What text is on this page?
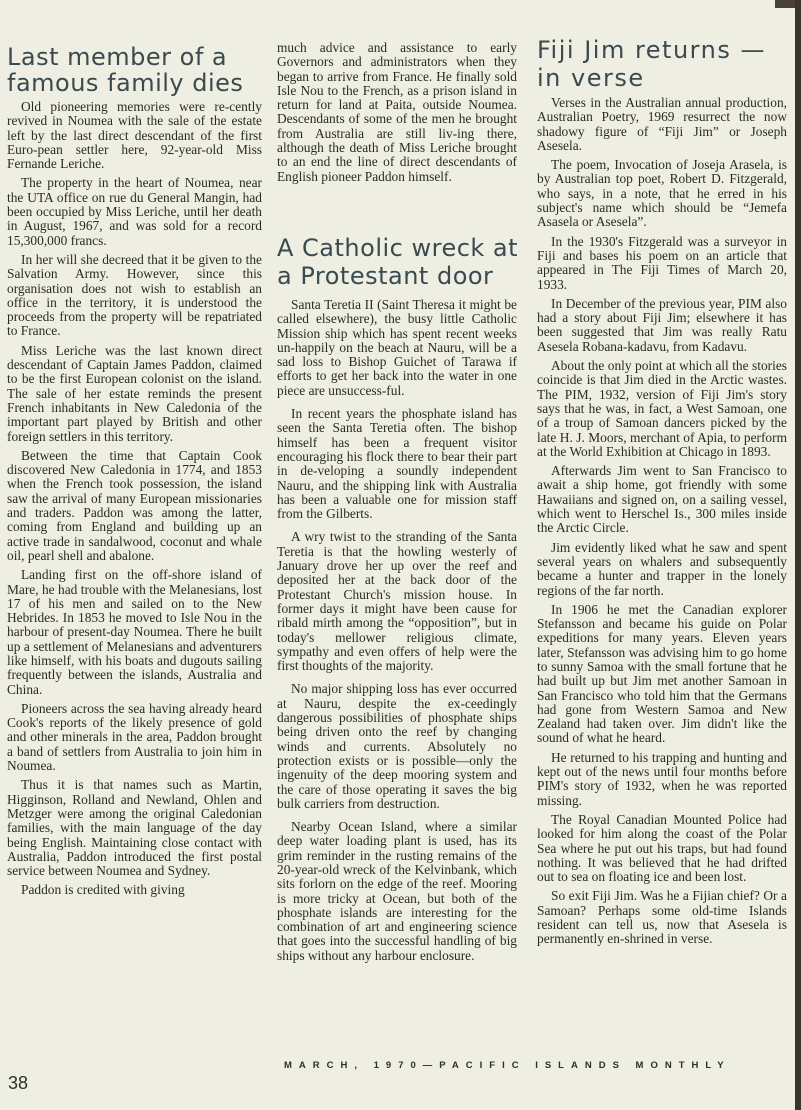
Last member of a famous family dies

Old pioneering memories were re-cently revived in Noumea with the sale of the estate left by the last direct descendant of the first Euro-pean settler here, 92-year-old Miss Fernande Leriche.

The property in the heart of Noumea, near the UTA office on rue du General Mangin, had been occupied by Miss Leriche, until her death in August, 1967, and was sold for a record 15,300,000 francs.

In her will she decreed that it be given to the Salvation Army. However, since this organisation does not wish to establish an office in the territory, it is understood the proceeds from the property will be repatriated to France.

Miss Leriche was the last known direct descendant of Captain James Paddon, claimed to be the first European colonist on the island. The sale of her estate reminds the present French inhabitants in New Caledonia of the important part played by British and other foreign settlers in this territory.

Between the time that Captain Cook discovered New Caledonia in 1774, and 1853 when the French took possession, the island saw the arrival of many European missionaries and traders. Paddon was among the latter, coming from England and building up an active trade in sandalwood, coconut and whale oil, pearl shell and abalone.

Landing first on the off-shore island of Mare, he had trouble with the Melanesians, lost 17 of his men and sailed on to the New Hebrides. In 1853 he moved to Isle Nou in the harbour of present-day Noumea. There he built up a settlement of Melanesians and adventurers like himself, with his boats and dugouts sailing frequently between the islands, Australia and China.

Pioneers across the sea having already heard Cook's reports of the likely presence of gold and other minerals in the area, Paddon brought a band of settlers from Australia to join him in Noumea.

Thus it is that names such as Martin, Higginson, Rolland and Newland, Ohlen and Metzger were among the original Caledonian families, with the main language of the day being English. Maintaining close contact with Australia, Paddon introduced the first postal service between Noumea and Sydney.

Paddon is credited with giving

much advice and assistance to early Governors and administrators when they began to arrive from France. He finally sold Isle Nou to the French, as a prison island in return for land at Paita, outside Noumea. Descendants of some of the men he brought from Australia are still liv-ing there, although the death of Miss Leriche brought to an end the line of direct descendants of English pioneer Paddon himself.

A Catholic wreck at a Protestant door

Santa Teretia II (Saint Theresa it might be called elsewhere), the busy little Catholic Mission ship which has spent recent weeks un-happily on the beach at Nauru, will be a sad loss to Bishop Guichet of Tarawa if efforts to get her back into the water in one piece are unsuccess-ful.

In recent years the phosphate island has seen the Santa Teretia often. The bishop himself has been a frequent visitor encouraging his flock there to bear their part in de-veloping a soundly independent Nauru, and the shipping link with Australia has been a valuable one for mission staff from the Gilberts.

A wry twist to the stranding of the Santa Teretia is that the howling westerly of January drove her up over the reef and deposited her at the back door of the Protestant Church's mission house. In former days it might have been cause for ribald mirth among the “opposition”, but in today's mellower religious climate, sympathy and even offers of help were the first thoughts of the majority.

No major shipping loss has ever occurred at Nauru, despite the ex-ceedingly dangerous possibilities of phosphate ships being driven onto the reef by changing winds and currents. Absolutely no protection exists or is possible—only the ingenuity of the deep mooring system and the care of those operating it saves the big bulk carriers from destruction.

Nearby Ocean Island, where a similar deep water loading plant is used, has its grim reminder in the rusting remains of the 20-year-old wreck of the Kelvinbank, which sits forlorn on the edge of the reef. Mooring is more tricky at Ocean, but both of the phosphate islands are interesting for the combination of art and engineering science that goes into the successful handling of big ships without any harbour enclosure.

Fiji Jim returns — in verse

Verses in the Australian annual production, Australian Poetry, 1969 resurrect the now shadowy figure of “Fiji Jim” or Joseph Asesela.

The poem, Invocation of Joseja Arasela, is by Australian top poet, Robert D. Fitzgerald, who says, in a note, that he erred in his subject's name which should be “Jemefa Asasela or Asesela”.

In the 1930's Fitzgerald was a surveyor in Fiji and bases his poem on an article that appeared in The Fiji Times of March 20, 1933.

In December of the previous year, PIM also had a story about Fiji Jim; elsewhere it has been suggested that Jim was really Ratu Asesela Robana-kadavu, from Kadavu.

About the only point at which all the stories coincide is that Jim died in the Arctic wastes. The PIM, 1932, version of Fiji Jim's story says that he was, in fact, a West Samoan, one of a troup of Samoan dancers picked by the late H. J. Moors, merchant of Apia, to perform at the World Exhibition at Chicago in 1893.

Afterwards Jim went to San Francisco to await a ship home, got friendly with some Hawaiians and signed on, on a sailing vessel, which went to Herschel Is., 300 miles inside the Arctic Circle.

Jim evidently liked what he saw and spent several years on whalers and subsequently became a hunter and trapper in the lonely regions of the far north.

In 1906 he met the Canadian explorer Stefansson and became his guide on Polar expeditions for many years. Eleven years later, Stefansson was advising him to go home to sunny Samoa with the small fortune that he had built up but Jim met another Samoan in San Francisco who told him that the Germans had gone from Western Samoa and New Zealand had taken over. Jim didn't like the sound of what he heard.

He returned to his trapping and hunting and kept out of the news until four months before PIM's story of 1932, when he was reported missing.

The Royal Canadian Mounted Police had looked for him along the coast of the Polar Sea where he put out his traps, but had found nothing. It was believed that he had drifted out to sea on floating ice and been lost.

So exit Fiji Jim. Was he a Fijian chief? Or a Samoan? Perhaps some old-time Islands resident can tell us, now that Asesela is permanently en-shrined in verse.

MARCH, 1970—PACIFIC ISLANDS MONTHLY
38
